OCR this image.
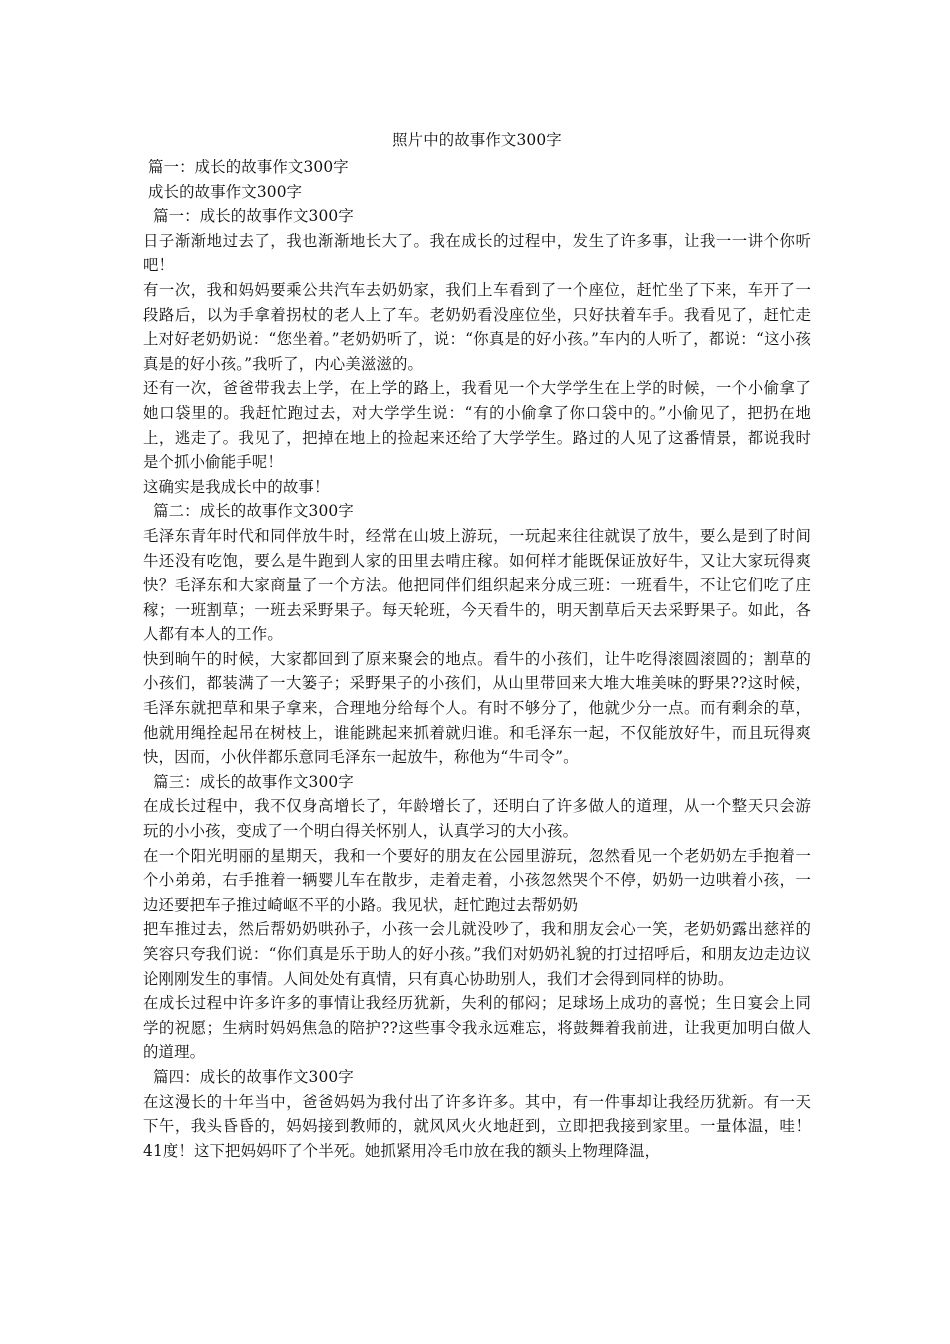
照片中的故事作文300字

篇一：成长的故事作文300字

成长的故事作文300字

篇一：成长的故事作文300字

日子渐渐地过去了，我也渐渐地长大了。我在成长的过程中，发生了许多事，让我一一讲个你听吧！

有一次，我和妈妈要乘公共汽车去奶奶家，我们上车看到了一个座位，赶忙坐了下来，车开了一段路后，以为手拿着拐杖的老人上了车。老奶奶看没座位坐，只好扶着车手。我看见了，赶忙走上对好老奶奶说：“您坐着。”老奶奶听了，说：“你真是的好小孩。”车内的人听了，都说：“这小孩真是的好小孩。”我听了，内心美滋滋的。

还有一次，爸爸带我去上学，在上学的路上，我看见一个大学学生在上学的时候，一个小偷拿了她口袋里的。我赶忙跑过去，对大学学生说：“有的小偷拿了你口袋中的。”小偷见了，把扔在地上，逃走了。我见了，把掉在地上的捡起来还给了大学学生。路过的人见了这番情景，都说我时是个抓小偷能手呢！

这确实是我成长中的故事！

篇二：成长的故事作文300字

毛泽东青年时代和同伴放牛时，经常在山坡上游玩，一玩起来往往就误了放牛，要么是到了时间牛还没有吃饱，要么是牛跑到人家的田里去啃庄稼。如何样才能既保证放好牛，又让大家玩得爽快？毛泽东和大家商量了一个方法。他把同伴们组织起来分成三班：一班看牛，不让它们吃了庄稼；一班割草；一班去采野果子。每天轮班，今天看牛的，明天割草后天去采野果子。如此，各人都有本人的工作。

快到晌午的时候，大家都回到了原来聚会的地点。看牛的小孩们，让牛吃得滚圆滚圆的；割草的小孩们，都装满了一大篓子；采野果子的小孩们，从山里带回来大堆大堆美味的野果??这时候，毛泽东就把草和果子拿来，合理地分给每个人。有时不够分了，他就少分一点。而有剩余的草，他就用绳拴起吊在树枝上，谁能跳起来抓着就归谁。和毛泽东一起，不仅能放好牛，而且玩得爽快，因而，小伙伴都乐意同毛泽东一起放牛，称他为“牛司令”。

篇三：成长的故事作文300字

在成长过程中，我不仅身高增长了，年龄增长了，还明白了许多做人的道理，从一个整天只会游玩的小小孩，变成了一个明白得关怀别人，认真学习的大小孩。

在一个阳光明丽的星期天，我和一个要好的朋友在公园里游玩，忽然看见一个老奶奶左手抱着一个小弟弟，右手推着一辆婴儿车在散步，走着走着，小孩忽然哭个不停，奶奶一边哄着小孩，一边还要把车子推过崎岖不平的小路。我见状，赶忙跑过去帮奶奶

把车推过去，然后帮奶奶哄孙子，小孩一会儿就没吵了，我和朋友会心一笑，老奶奶露出慈祥的笑容只夸我们说：“你们真是乐于助人的好小孩。”我们对奶奶礼貌的打过招呼后，和朋友边走边议论刚刚发生的事情。人间处处有真情，只有真心协助别人，我们才会得到同样的协助。

在成长过程中许多许多的事情让我经历犹新，失利的郁闷；足球场上成功的喜悦；生日宴会上同学的祝愿；生病时妈妈焦急的陪护??这些事令我永远难忘，将鼓舞着我前进，让我更加明白做人的道理。

篇四：成长的故事作文300字

在这漫长的十年当中，爸爸妈妈为我付出了许多许多。其中，有一件事却让我经历犹新。有一天下午，我头昏昏的，妈妈接到教师的，就风风火火地赶到，立即把我接到家里。一量体温，哇！41度！这下把妈妈吓了个半死。她抓紧用冷毛巾放在我的额头上物理降温，
